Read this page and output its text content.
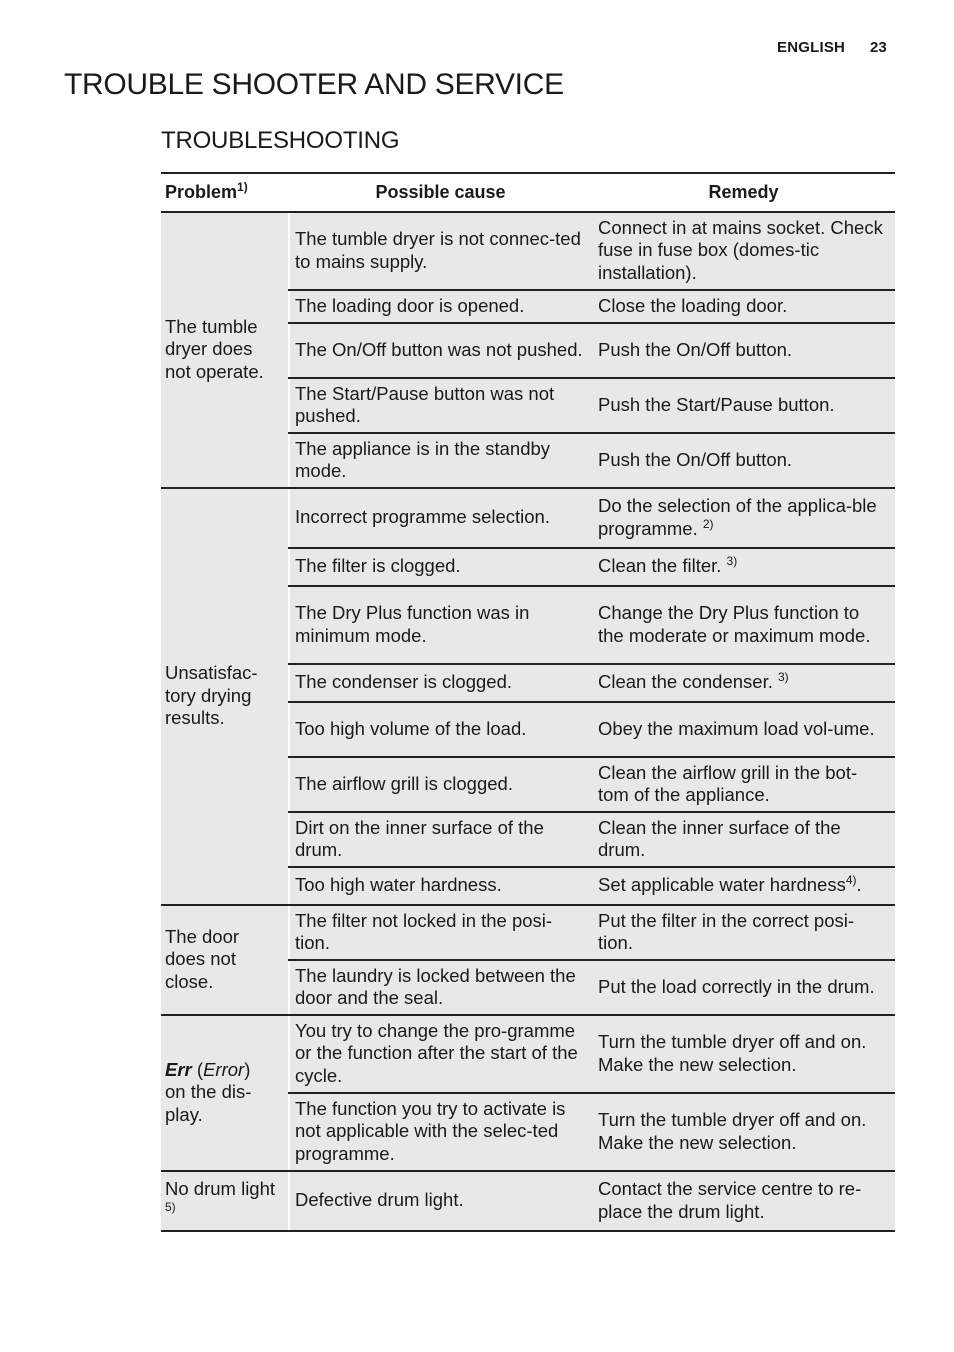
ENGLISH 23
TROUBLE SHOOTER AND SERVICE
TROUBLESHOOTING
Problem$^{1)}$	Possible cause	Remedy
The tumble dryer does not operate.	The tumble dryer is not connec-ted to mains supply.	Connect in at mains socket. Check fuse in fuse box (domes-tic installation).
	The loading door is opened.	Close the loading door.
	The On/Off button was not pushed.	Push the On/Off button.
	The Start/Pause button was not pushed.	Push the Start/Pause button.
	The appliance is in the standby mode.	Push the On/Off button.
Unsatisfac-tory drying results.	Incorrect programme selection.	Do the selection of the applica-ble programme. $^{2)}$
	The filter is clogged.	Clean the filter. $^{3)}$
	The Dry Plus function was in minimum mode.	Change the Dry Plus function to the moderate or maximum mode.
	The condenser is clogged.	Clean the condenser. $^{3)}$
	Too high volume of the load.	Obey the maximum load vol-ume.
	The airflow grill is clogged.	Clean the airflow grill in the bot-tom of the appliance.
	Dirt on the inner surface of the drum.	Clean the inner surface of the drum.
	Too high water hardness.	Set applicable water hardness$^{4)}$.
The door does not close.	The filter not locked in the posi-tion.	Put the filter in the correct posi-tion.
	The laundry is locked between the door and the seal.	Put the load correctly in the drum.
Err (Error)
on the dis-play.	You try to change the pro-gramme or the function after the start of the cycle.	Turn the tumble dryer off and on. Make the new selection.
	The function you try to activate is not applicable with the selec-ted programme.	Turn the tumble dryer off and on. Make the new selection.
No drum light $^{5)}$	Defective drum light.	Contact the service centre to re-place the drum light.
